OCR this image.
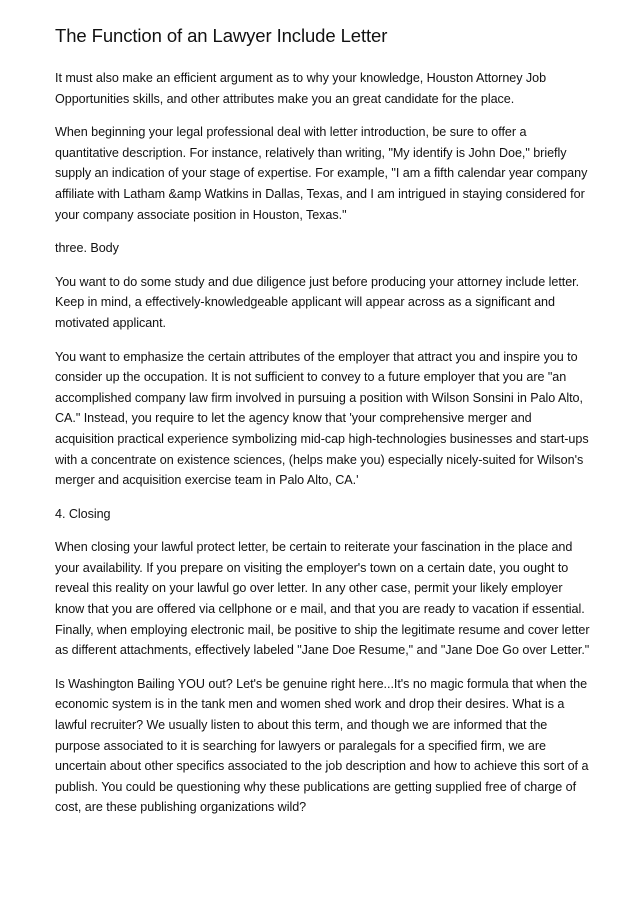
The Function of an Lawyer Include Letter

It must also make an efficient argument as to why your knowledge, Houston Attorney Job Opportunities skills, and other attributes make you an great candidate for the place.

When beginning your legal professional deal with letter introduction, be sure to offer a quantitative description. For instance, relatively than writing, "My identify is John Doe," briefly supply an indication of your stage of expertise. For example, "I am a fifth calendar year company affiliate with Latham &amp Watkins in Dallas, Texas, and I am intrigued in staying considered for your company associate position in Houston, Texas."

three. Body

You want to do some study and due diligence just before producing your attorney include letter. Keep in mind, a effectively-knowledgeable applicant will appear across as a significant and motivated applicant.

You want to emphasize the certain attributes of the employer that attract you and inspire you to consider up the occupation. It is not sufficient to convey to a future employer that you are "an accomplished company law firm involved in pursuing a position with Wilson Sonsini in Palo Alto, CA." Instead, you require to let the agency know that 'your comprehensive merger and acquisition practical experience symbolizing mid-cap high-technologies businesses and start-ups with a concentrate on existence sciences, (helps make you) especially nicely-suited for Wilson's merger and acquisition exercise team in Palo Alto, CA.'

4. Closing

When closing your lawful protect letter, be certain to reiterate your fascination in the place and your availability. If you prepare on visiting the employer's town on a certain date, you ought to reveal this reality on your lawful go over letter. In any other case, permit your likely employer know that you are offered via cellphone or e mail, and that you are ready to vacation if essential. Finally, when employing electronic mail, be positive to ship the legitimate resume and cover letter as different attachments, effectively labeled "Jane Doe Resume," and "Jane Doe Go over Letter."

Is Washington Bailing YOU out? Let's be genuine right here...It's no magic formula that when the economic system is in the tank men and women shed work and drop their desires. What is a lawful recruiter? We usually listen to about this term, and though we are informed that the purpose associated to it is searching for lawyers or paralegals for a specified firm, we are uncertain about other specifics associated to the job description and how to achieve this sort of a publish. You could be questioning why these publications are getting supplied free of charge of cost, are these publishing organizations wild?
